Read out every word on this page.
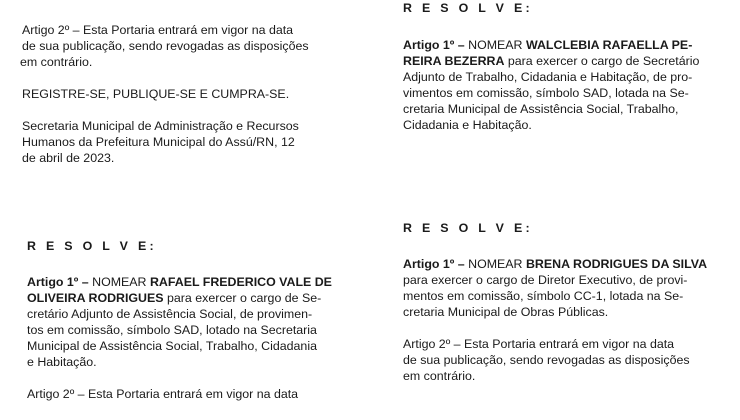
Artigo 2º – Esta Portaria entrará em vigor na data
de sua publicação, sendo revogadas as disposições
em contrário.
REGISTRE-SE, PUBLIQUE-SE E CUMPRA-SE.
Secretaria Municipal de Administração e Recursos
Humanos da Prefeitura Municipal do Assú/RN, 12
de abril de 2023.
R E S O L V E:
Artigo 1º – NOMEAR RAFAEL FREDERICO VALE DE
OLIVEIRA RODRIGUES para exercer o cargo de Se-
cretário Adjunto de Assistência Social, de provimen-
tos em comissão, símbolo SAD, lotado na Secretaria
Municipal de Assistência Social, Trabalho, Cidadania
e Habitação.
Artigo 2º – Esta Portaria entrará em vigor na data
R E S O L V E:
Artigo 1º – NOMEAR WALCLEBIA RAFAELLA PE-
REIRA BEZERRA para exercer o cargo de Secretário
Adjunto de Trabalho, Cidadania e Habitação, de pro-
vimentos em comissão, símbolo SAD, lotada na Se-
cretaria Municipal de Assistência Social, Trabalho,
Cidadania e Habitação.
R E S O L V E:
Artigo 1º – NOMEAR BRENA RODRIGUES DA SILVA
para exercer o cargo de Diretor Executivo, de provi-
mentos em comissão, símbolo CC-1, lotada na Se-
cretaria Municipal de Obras Públicas.
Artigo 2º – Esta Portaria entrará em vigor na data
de sua publicação, sendo revogadas as disposições
em contrário.
